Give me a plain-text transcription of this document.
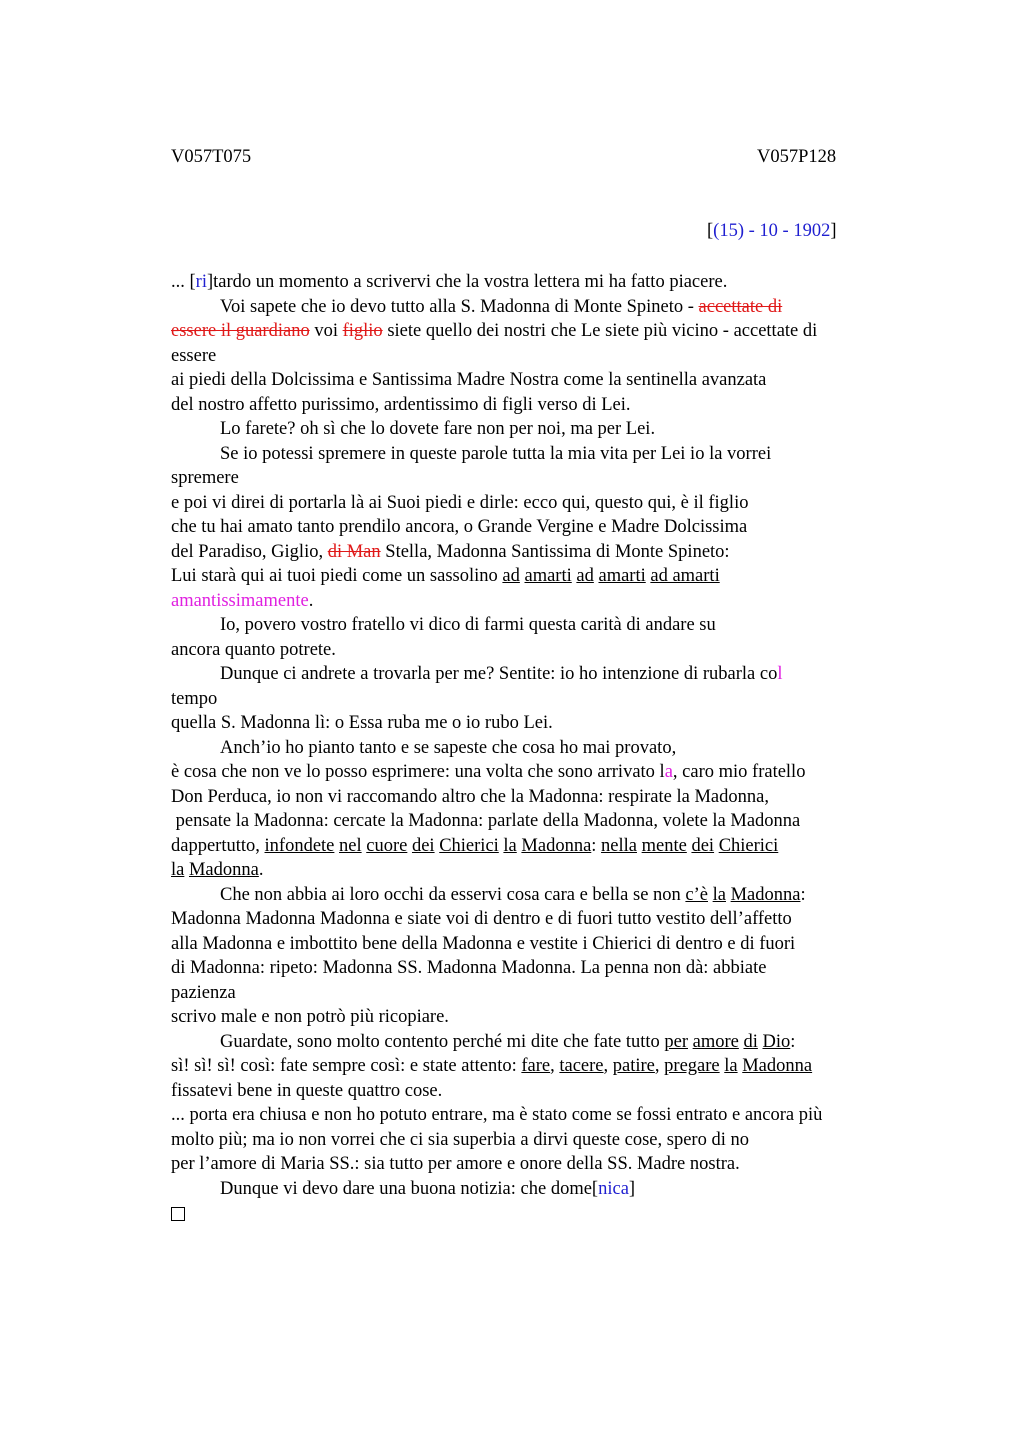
V057T075	V057P128
[(15) - 10 - 1902]
... [ri]tardo un momento a scrivervi che la vostra lettera mi ha fatto piacere.
Voi sapete che io devo tutto alla S. Madonna di Monte Spineto - accettate di
essere il guardiano voi figlio siete quello dei nostri che Le siete più vicino - accettate di
essere
ai piedi della Dolcissima e Santissima Madre Nostra come la sentinella avanzata
del nostro affetto purissimo, ardentissimo di figli verso di Lei.
Lo farete? oh sì che lo dovete fare non per noi, ma per Lei.
Se io potessi spremere in queste parole tutta la mia vita per Lei io la vorrei
spremere
e poi vi direi di portarla là ai Suoi piedi e dirle: ecco qui, questo qui, è il figlio
che tu hai amato tanto prendilo ancora, o Grande Vergine e Madre Dolcissima
del Paradiso, Giglio, di Man Stella, Madonna Santissima di Monte Spineto:
Lui starà qui ai tuoi piedi come un sassolino ad amarti ad amarti ad amarti
amantissimamente.
Io, povero vostro fratello vi dico di farmi questa carità di andare su
ancora quanto potrete.
Dunque ci andrete a trovarla per me? Sentite: io ho intenzione di rubarla col
tempo
quella S. Madonna lì: o Essa ruba me o io rubo Lei.
Anch’io ho pianto tanto e se sapeste che cosa ho mai provato,
è cosa che non ve lo posso esprimere: una volta che sono arrivato la, caro mio fratello
Don Perduca, io non vi raccomando altro che la Madonna: respirate la Madonna,
pensate la Madonna: cercate la Madonna: parlate della Madonna, volete la Madonna
dappertutto, infondete nel cuore dei Chierici la Madonna: nella mente dei Chierici
la Madonna.
Che non abbia ai loro occhi da esservi cosa cara e bella se non c’è la Madonna:
Madonna Madonna Madonna e siate voi di dentro e di fuori tutto vestito dell’affetto
alla Madonna e imbottito bene della Madonna e vestite i Chierici di dentro e di fuori
di Madonna: ripeto: Madonna SS. Madonna Madonna. La penna non dà: abbiate
pazienza
scrivo male e non potrò più ricopiare.
Guardate, sono molto contento perché mi dite che fate tutto per amore di Dio:
sì! sì! sì! così: fate sempre così: e state attento: fare, tacere, patire, pregare la Madonna
fissatevi bene in queste quattro cose.
... porta era chiusa e non ho potuto entrare, ma è stato come se fossi entrato e ancora più
molto più; ma io non vorrei che ci sia superbia a dirvi queste cose, spero di no
per l’amore di Maria SS.: sia tutto per amore e onore della SS. Madre nostra.
Dunque vi devo dare una buona notizia: che dome[nica]
